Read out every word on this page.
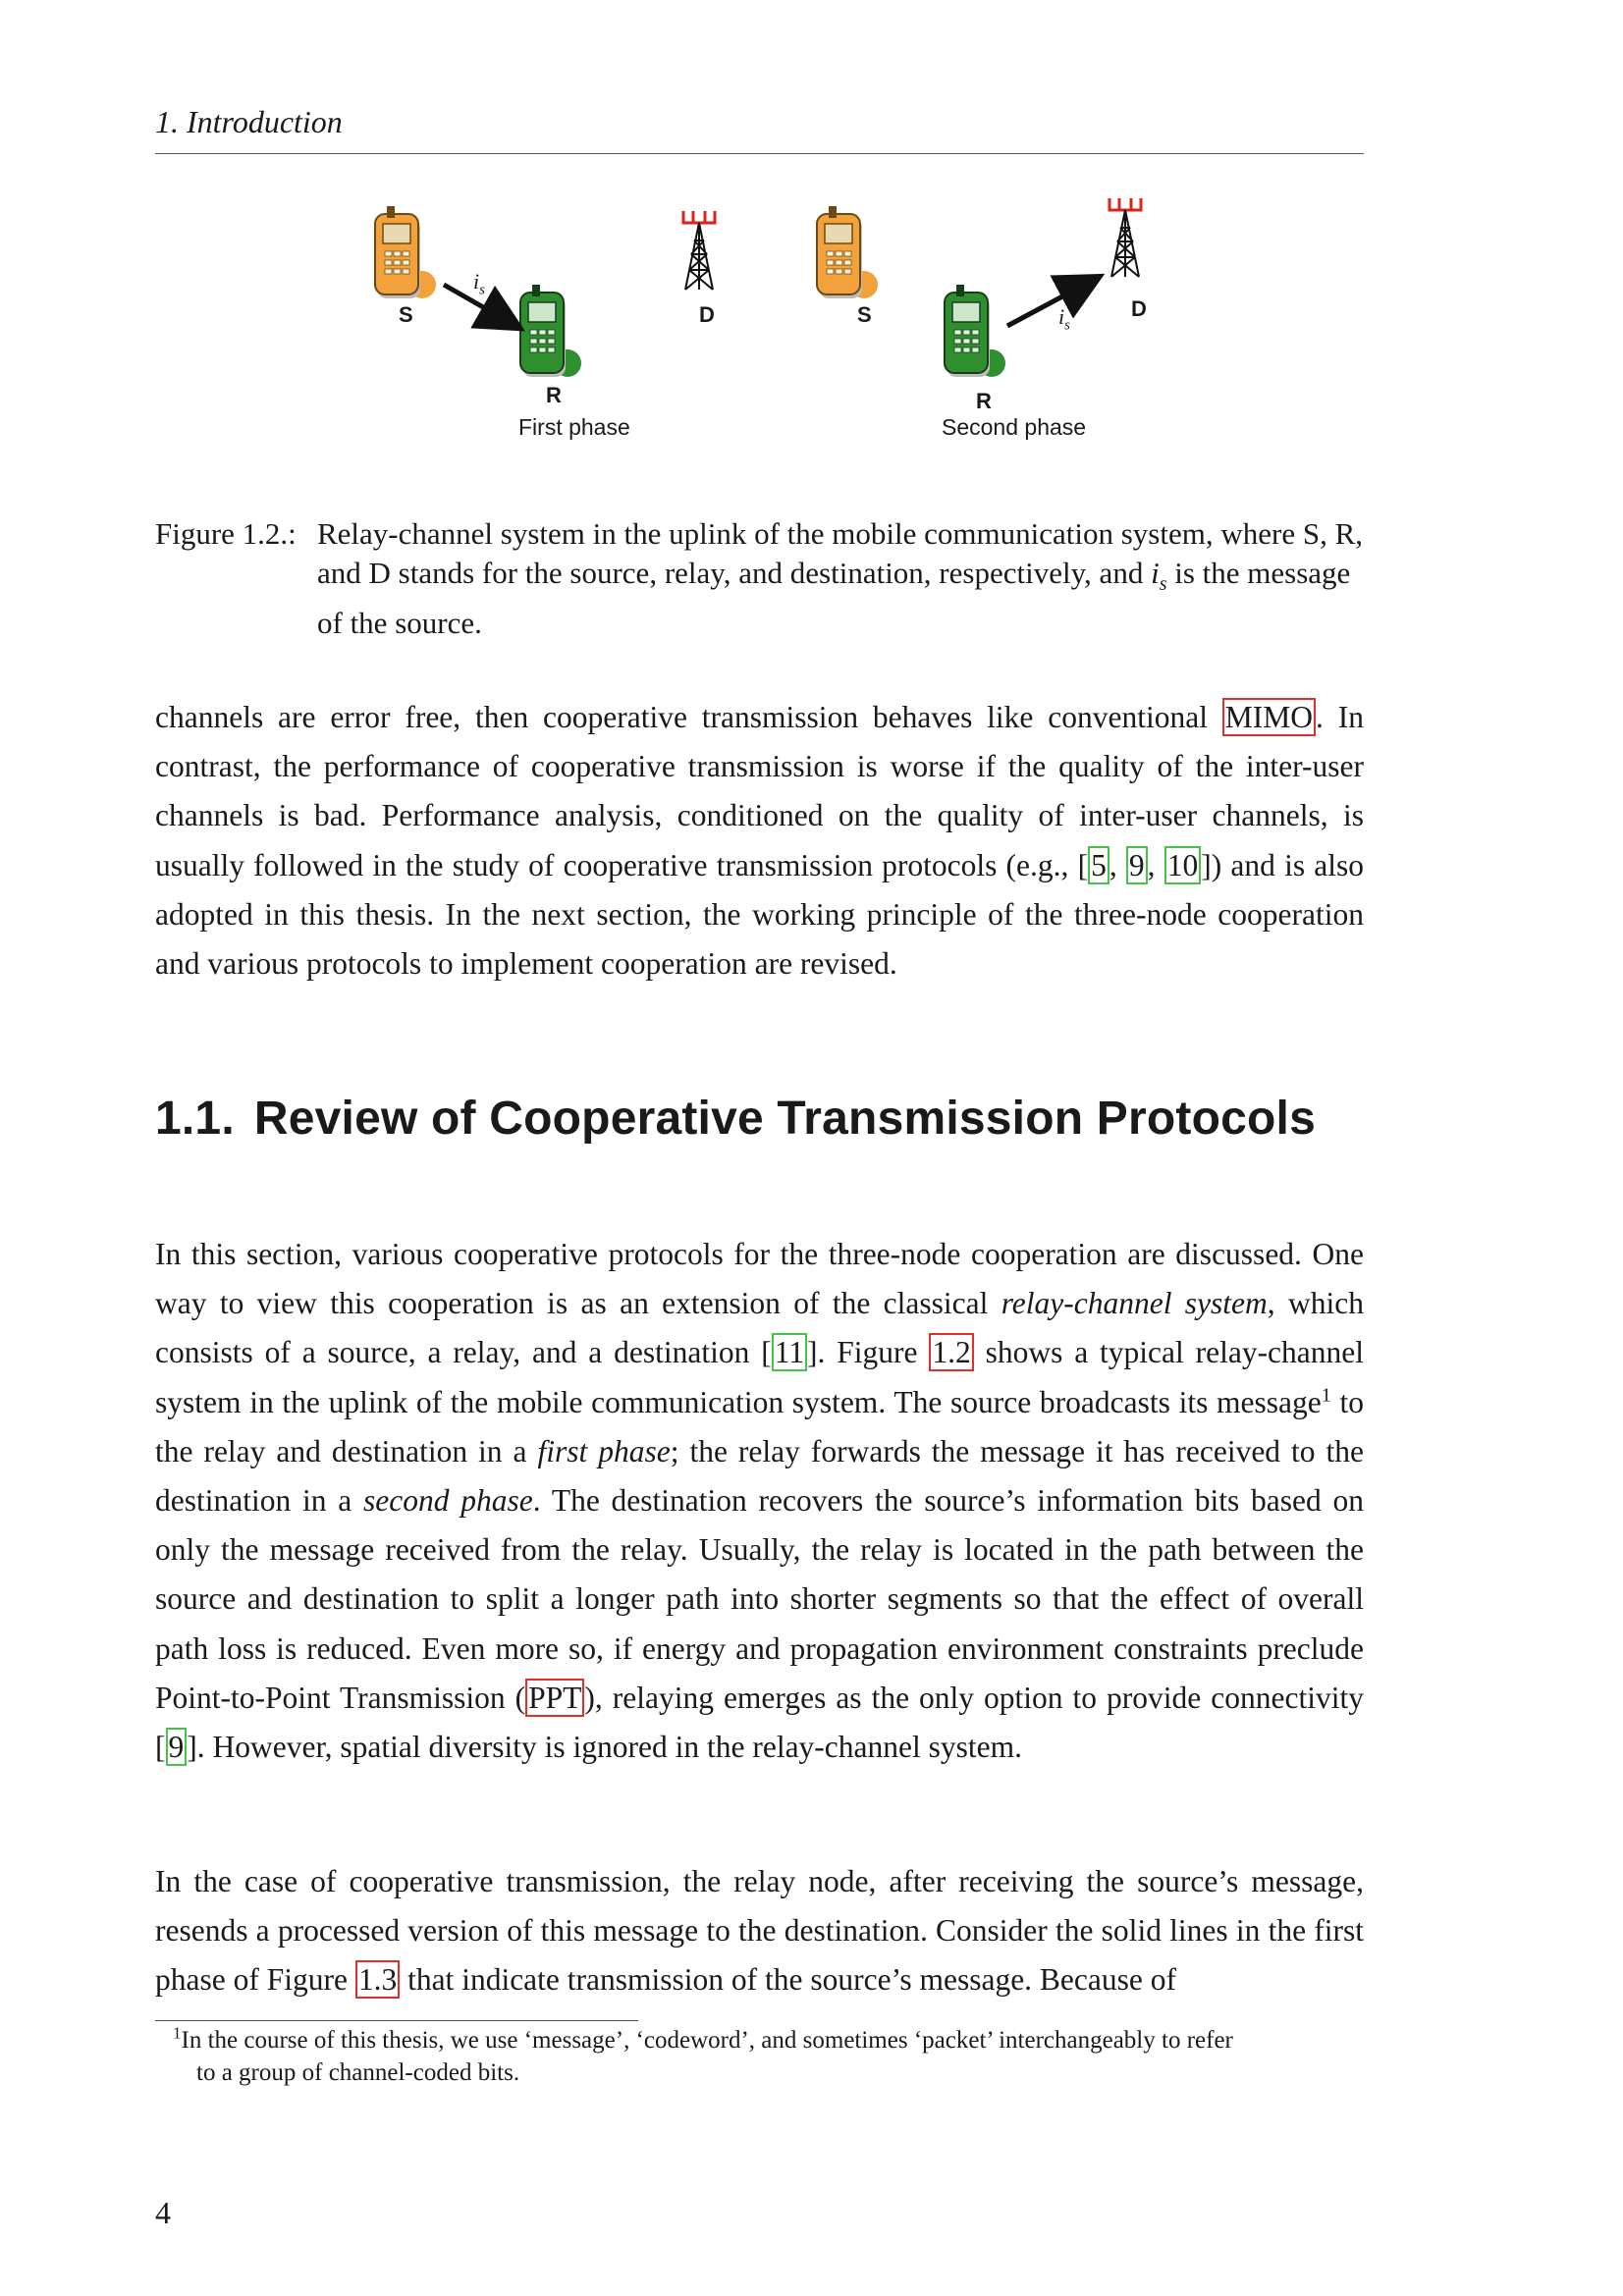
1. Introduction
S
$i_s$
R
D
First phase
S	$i_s$
R
D
Second phase
Figure 1.2.: Relay-channel system in the uplink of the mobile communication system, where S, R, and D stands for the source, relay, and destination, respectively, and $i_s$ is the message of the source.
channels are error free, then cooperative transmission behaves like conventional MIMO. In contrast, the performance of cooperative transmission is worse if the quality of the inter-user channels is bad. Performance analysis, conditioned on the quality of inter-user channels, is usually followed in the study of cooperative transmission protocols (e.g., [5, 9, 10]) and is also adopted in this thesis. In the next section, the working principle of the three-node cooperation and various protocols to implement cooperation are revised.
1.1. Review of Cooperative Transmission Protocols
In this section, various cooperative protocols for the three-node cooperation are discussed. One way to view this cooperation is as an extension of the classical relay-channel system, which consists of a source, a relay, and a destination [11]. Figure 1.2 shows a typical relay-channel system in the uplink of the mobile communication system. The source broadcasts its message$^1$ to the relay and destination in a first phase; the relay forwards the message it has received to the destination in a second phase. The destination recovers the source’s information bits based on only the message received from the relay. Usually, the relay is located in the path between the source and destination to split a longer path into shorter segments so that the effect of overall path loss is reduced. Even more so, if energy and propagation environment constraints preclude Point-to-Point Transmission (PPT), relaying emerges as the only option to provide connectivity [9]. However, spatial diversity is ignored in the relay-channel system.
In the case of cooperative transmission, the relay node, after receiving the source’s message, resends a processed version of this message to the destination. Consider the solid lines in the first phase of Figure 1.3 that indicate transmission of the source’s message. Because of
$^1$In the course of this thesis, we use ‘message’, ‘codeword’, and sometimes ‘packet’ interchangeably to refer
to a group of channel-coded bits.
4
